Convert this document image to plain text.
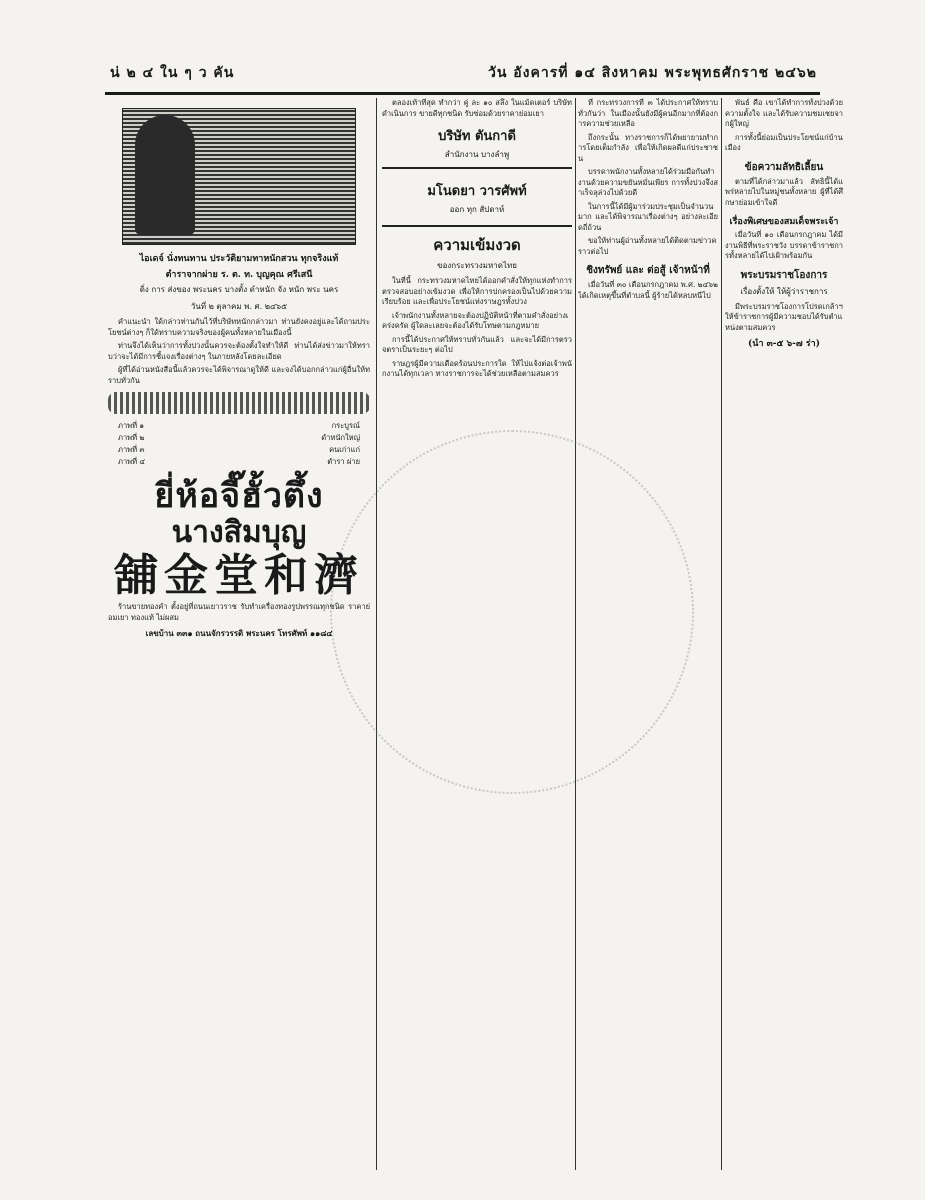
น่ ๒ ๔ ใน ๆ ว คัน	วัน อังคารที่ ๑๔ สิงหาคม พระพุทธศักราช ๒๔๖๒
ไอเดจ์ นั่งทนทาน ประวัติยามทาหนักสวน ทุกจริงแท้
ตำราจากผ่าย ร. ต. ท. บุญคุณ ศรีเสนี
ดิ่ง การ ส่งของ พระนคร บางตั้ง ดำหนัก จัง หนัก พระ นคร
วันที่ ๒ ตุลาคม พ. ศ. ๒๔๖๕

คำแนะนำ ใด้กล่าวท่านกันไว้ที่บริษัทหนักกล่าวมา ท่านยังคงอยู่และได้ถามประโยชน์ต่างๆ ก็ใด้ทราบความจริงของผู้คนทั้งหลายในเมืองนี้

ท่านจึงได้เห็นว่าการทั้งปวงนั้นควรจะต้องตั้งใจทำให้ดี ท่านได้ส่งข่าวมาให้ทราบว่าจะได้มีการชี้แจงเรื่องต่างๆ ในภายหลังโดยละเอียด

ผู้ที่ได้อ่านหนังสือนี้แล้วควรจะได้พิจารณาดูให้ดี และจงได้บอกกล่าวแก่ผู้อื่นให้ทราบทั่วกัน

ภาพที่ ๑	กระบูรณ์
ภาพที่ ๒	ดำหนักใหญ่
ภาพที่ ๓	คนเก่าแก่
ภาพที่ ๔	ตำรา ผ่าย
ยี่ห้อจี๊ฮั้วตึ้ง
นางสิมบุญ
舖金堂和濟

ร้านขายทองคำ ตั้งอยู่ที่ถนนเยาวราช รับทำเครื่องทองรูปพรรณทุกชนิด ราคาย่อมเยา ทองแท้ ไม่ผสม

เลขบ้าน ๓๓๑ ถนนจักรวรรดิ พระนคร โทรศัพท์ ๑๑๘๔

ตลองเท้าที่สุด ทำกว่า คู่ ละ ๑๐ สลึง ในแม้ดเตอร์ บริษัท ดำเนินการ ขายดีทุกชนิด รับซ่อมด้วยราคาย่อมเยา

บริษัท ตันกาดี
สำนักงาน บางลำพู
มโนดยา วารศัพท์
ออก ทุก สัปดาห์
ความเข้มงวด
ของกระทรวงมหาดไทย

ในที่นี้ กระทรวงมหาดไทยได้ออกคำสั่งให้ทุกแห่งทำการตรวจสอบอย่างเข้มงวด เพื่อให้การปกครองเป็นไปด้วยความเรียบร้อย และเพื่อประโยชน์แห่งราษฎรทั้งปวง

เจ้าพนักงานทั้งหลายจะต้องปฏิบัติหน้าที่ตามคำสั่งอย่างเคร่งครัด ผู้ใดละเลยจะต้องได้รับโทษตามกฎหมาย

การนี้ได้ประกาศให้ทราบทั่วกันแล้ว และจะได้มีการตรวจตราเป็นระยะๆ ต่อไป

ราษฎรผู้มีความเดือดร้อนประการใด ให้ไปแจ้งต่อเจ้าพนักงานได้ทุกเวลา ทางราชการจะได้ช่วยเหลือตามสมควร

ที่ กระทรวงการที่ ๓ ได้ประกาศให้ทราบทั่วกันว่า ในเมืองนั้นยังมีผู้คนอีกมากที่ต้องการความช่วยเหลือ

ถึงกระนั้น ทางราชการก็ได้พยายามทำการโดยเต็มกำลัง เพื่อให้เกิดผลดีแก่ประชาชน

บรรดาพนักงานทั้งหลายได้ร่วมมือกันทำงานด้วยความขยันหมั่นเพียร การทั้งปวงจึงสำเร็จลุล่วงไปด้วยดี

ในการนี้ได้มีผู้มาร่วมประชุมเป็นจำนวนมาก และได้พิจารณาเรื่องต่างๆ อย่างละเอียดถี่ถ้วน

ขอให้ท่านผู้อ่านทั้งหลายได้ติดตามข่าวคราวต่อไป

ชิงทรัพย์ และ ต่อสู้ เจ้าหน้าที่

เมื่อวันที่ ๓๐ เดือนกรกฎาคม พ.ศ. ๒๔๖๒ ได้เกิดเหตุขึ้นที่ตำบลนี้ ผู้ร้ายได้หลบหนีไป

พันธ์ คือ เขาได้ทำการทั้งปวงด้วยความตั้งใจ และได้รับความชมเชยจากผู้ใหญ่

การทั้งนี้ย่อมเป็นประโยชน์แก่บ้านเมือง

ข้อความลัทธิเลี้ยน

ตามที่ได้กล่าวมาแล้ว ลัทธินี้ได้แพร่หลายไปในหมู่ชนทั้งหลาย ผู้ที่ได้ศึกษาย่อมเข้าใจดี

เรื่องพิเศษของสมเด็จพระเจ้า

เมื่อวันที่ ๑๐ เดือนกรกฎาคม ได้มีงานพิธีที่พระราชวัง บรรดาข้าราชการทั้งหลายได้ไปเฝ้าพร้อมกัน

พระบรมราชโองการ
เรื่องตั้งให้ ให้ผู้ว่าราชการ

มีพระบรมราชโองการโปรดเกล้าฯ ให้ข้าราชการผู้มีความชอบได้รับตำแหน่งตามสมควร

(นำ ๓-๕ ๖-๗ ร่า)
